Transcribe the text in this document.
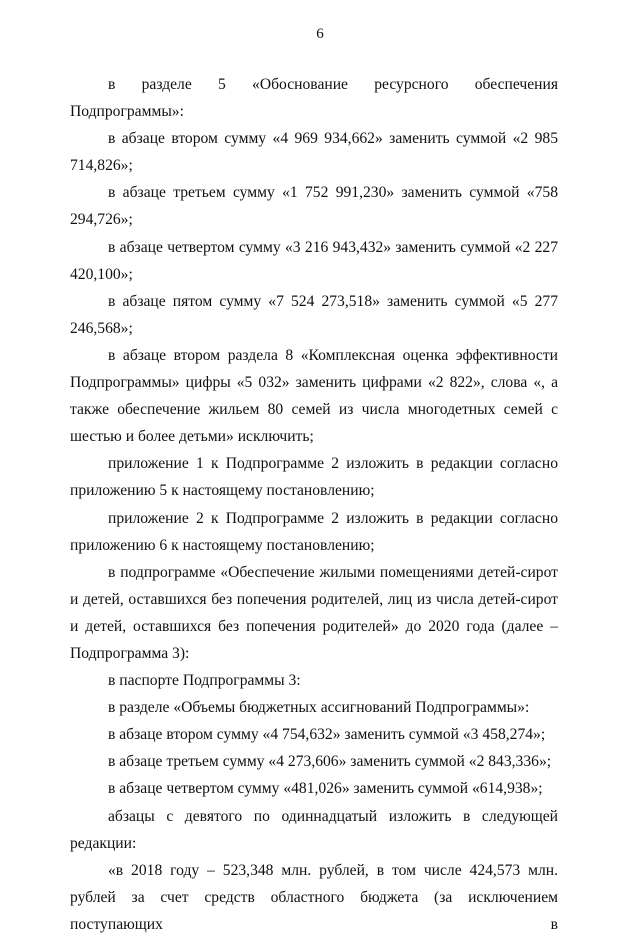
6

в разделе 5 «Обоснование ресурсного обеспечения Подпрограммы»:

в абзаце втором сумму «4 969 934,662» заменить суммой «2 985 714,826»;

в абзаце третьем сумму «1 752 991,230» заменить суммой «758 294,726»;

в абзаце четвертом сумму «3 216 943,432» заменить суммой «2 227 420,100»;

в абзаце пятом сумму «7 524 273,518» заменить суммой «5 277 246,568»;

в абзаце втором раздела 8 «Комплексная оценка эффективности Подпрограммы» цифры «5 032» заменить цифрами «2 822», слова «, а также обеспечение жильем 80 семей из числа многодетных семей с шестью и более детьми» исключить;

приложение 1 к Подпрограмме 2 изложить в редакции согласно приложению 5 к настоящему постановлению;

приложение 2 к Подпрограмме 2 изложить в редакции согласно приложению 6 к настоящему постановлению;

в подпрограмме «Обеспечение жилыми помещениями детей-сирот и детей, оставшихся без попечения родителей, лиц из числа детей-сирот и детей, оставшихся без попечения родителей» до 2020 года (далее – Подпрограмма 3):

в паспорте Подпрограммы 3:

в разделе «Объемы бюджетных ассигнований Подпрограммы»:

в абзаце втором сумму «4 754,632» заменить суммой «3 458,274»;

в абзаце третьем сумму «4 273,606» заменить суммой «2 843,336»;

в абзаце четвертом сумму «481,026» заменить суммой «614,938»;

абзацы с девятого по одиннадцатый изложить в следующей редакции:

«в 2018 году – 523,348 млн. рублей, в том числе 424,573 млн. рублей за счет средств областного бюджета (за исключением поступающих в
